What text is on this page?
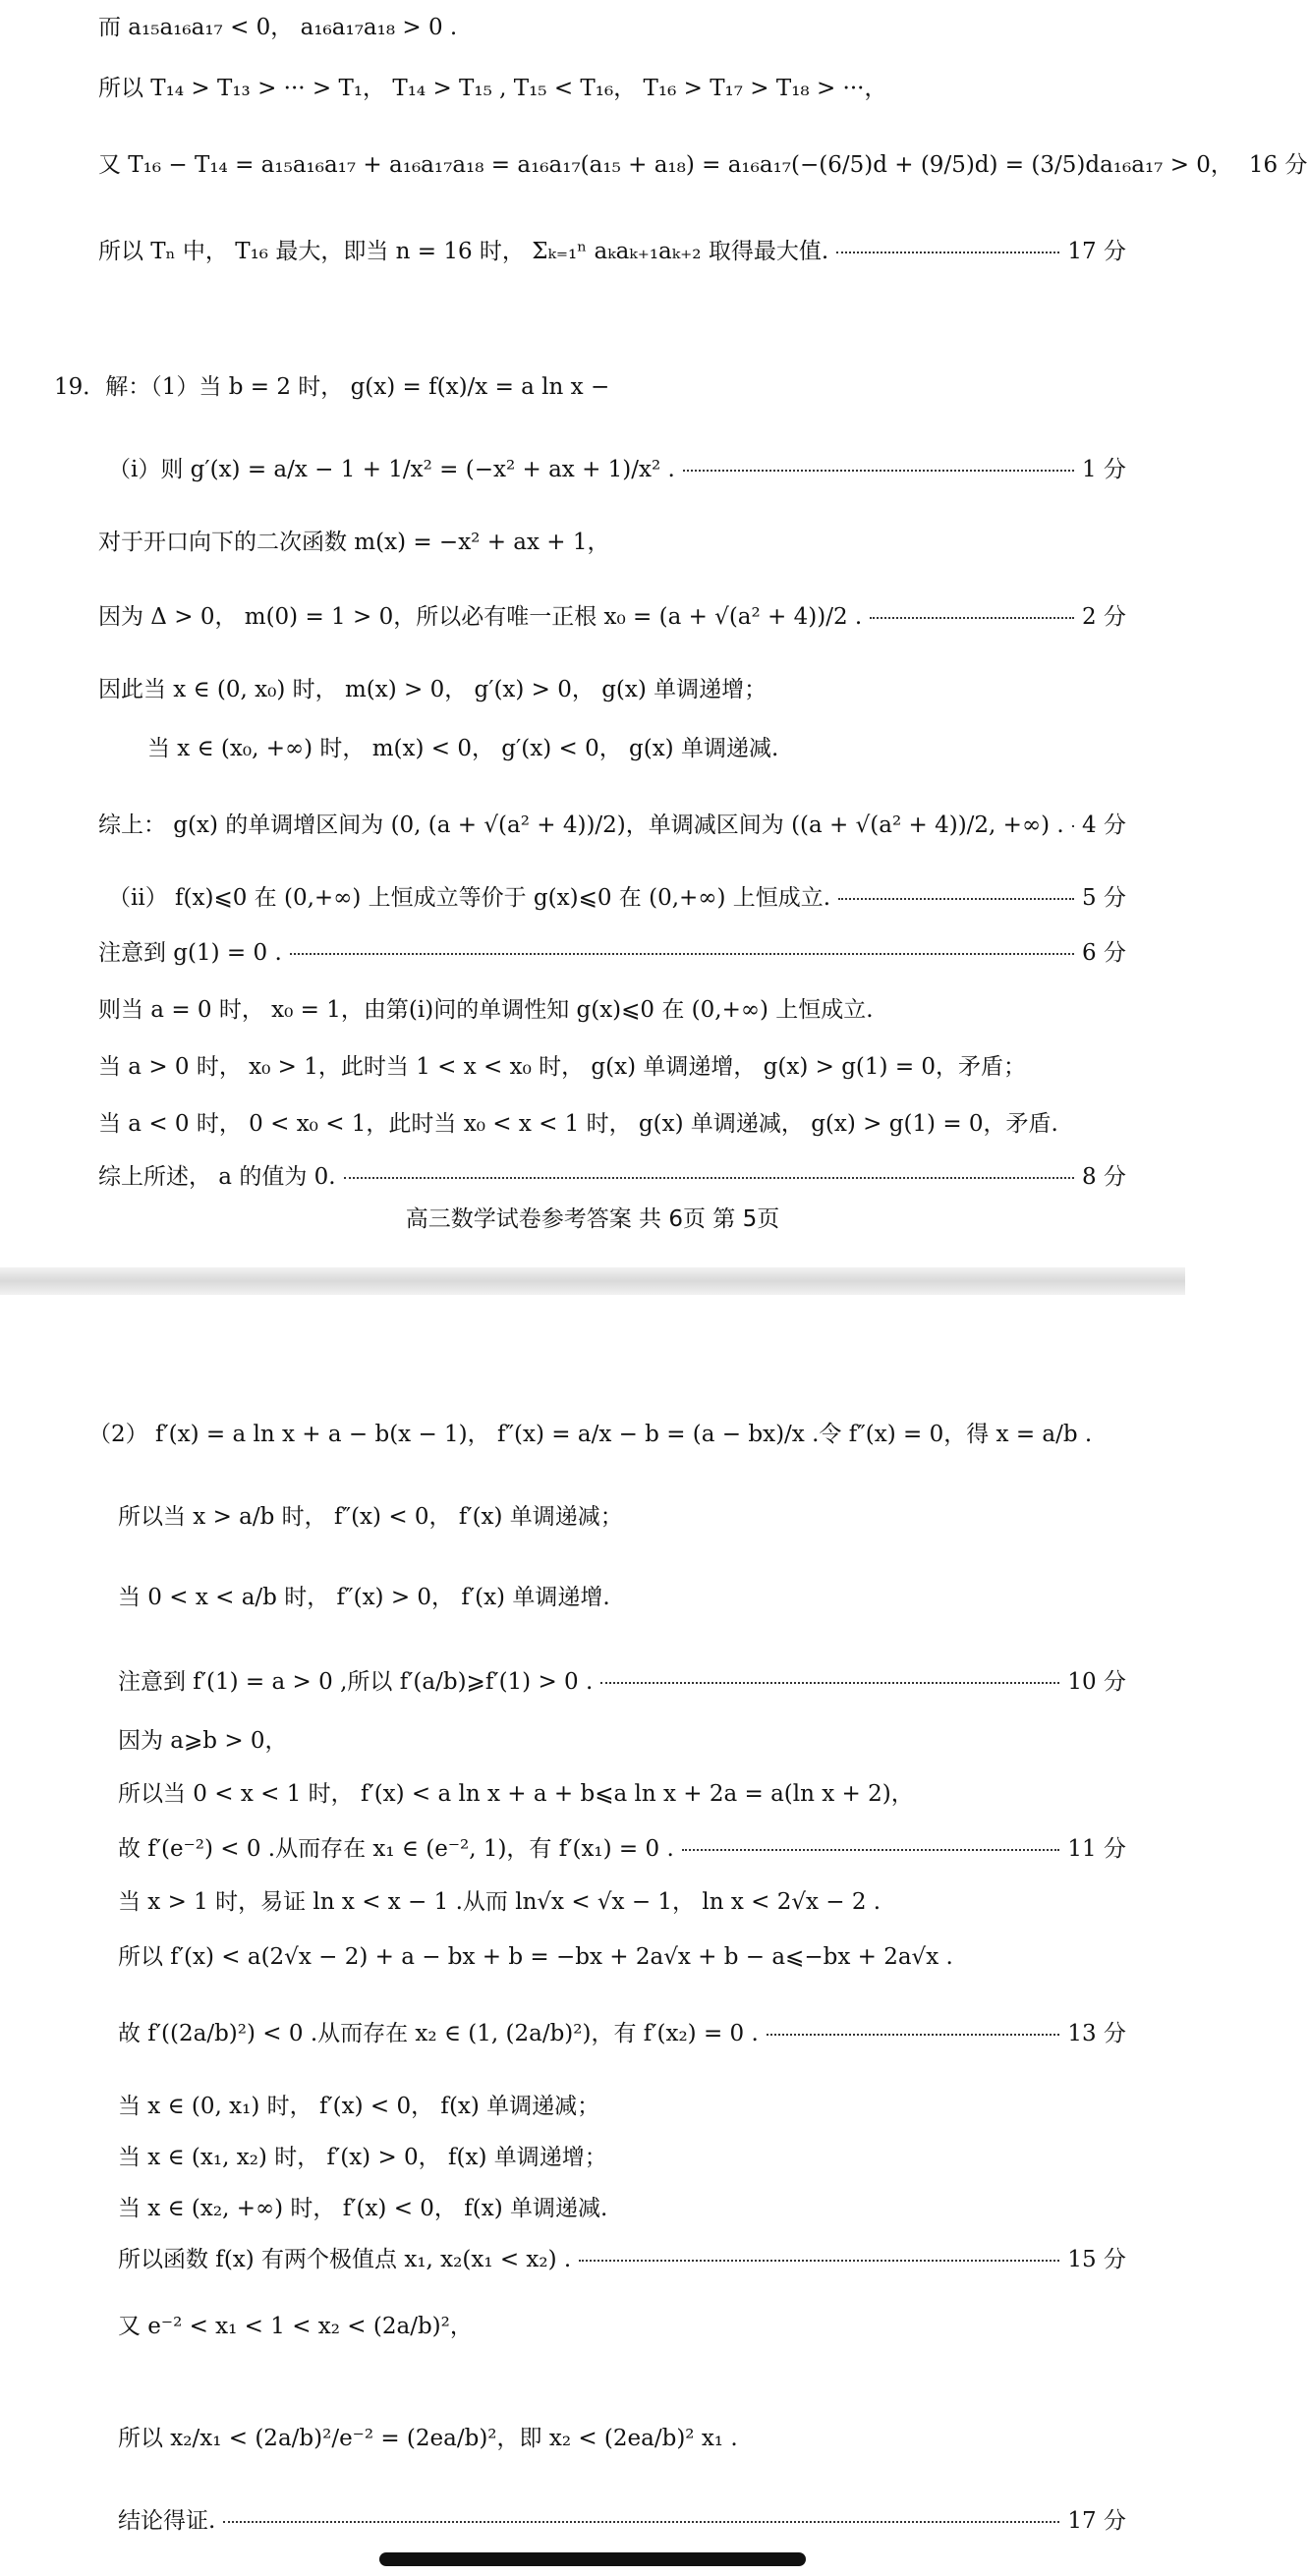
而 a₁₅a₁₆a₁₇ < 0， a₁₆a₁₇a₁₈ > 0 .
所以 T₁₄ > T₁₃ > ··· > T₁， T₁₄ > T₁₅ , T₁₅ < T₁₆， T₁₆ > T₁₇ > T₁₈ > ···，
又 T₁₆ − T₁₄ = a₁₅a₁₆a₁₇ + a₁₆a₁₇a₁₈ = a₁₆a₁₇(a₁₅ + a₁₈) = a₁₆a₁₇(−(6/5)d + (9/5)d) = (3/5)da₁₆a₁₇ > 0， 16 分
所以 Tₙ 中， T₁₆ 最大，即当 n = 16 时， Σₖ₌₁ⁿ aₖaₖ₊₁aₖ₊₂ 取得最大值.	17 分
19．解：（1）当 b = 2 时， g(x) = f(x)/x = a ln x −
（ⅰ）则 g′(x) = a/x − 1 + 1/x² = (−x² + ax + 1)/x² .	1 分
对于开口向下的二次函数 m(x) = −x² + ax + 1，
因为 Δ > 0， m(0) = 1 > 0，所以必有唯一正根 x₀ = (a + √(a² + 4))/2 .	2 分
因此当 x ∈ (0, x₀) 时， m(x) > 0， g′(x) > 0， g(x) 单调递增；
当 x ∈ (x₀, +∞) 时， m(x) < 0， g′(x) < 0， g(x) 单调递减.
综上： g(x) 的单调增区间为 (0, (a + √(a² + 4))/2)，单调减区间为 ((a + √(a² + 4))/2, +∞) . 4 分
（ⅱ） f(x)⩽0 在 (0,+∞) 上恒成立等价于 g(x)⩽0 在 (0,+∞) 上恒成立.	5 分
注意到 g(1) = 0 .	6 分
则当 a = 0 时， x₀ = 1，由第(i)问的单调性知 g(x)⩽0 在 (0,+∞) 上恒成立.
当 a > 0 时， x₀ > 1，此时当 1 < x < x₀ 时， g(x) 单调递增， g(x) > g(1) = 0，矛盾；
当 a < 0 时， 0 < x₀ < 1，此时当 x₀ < x < 1 时， g(x) 单调递减， g(x) > g(1) = 0，矛盾.
综上所述， a 的值为 0.	8 分
高三数学试卷参考答案 共 6页 第 5页
（2） f′(x) = a ln x + a − b(x − 1)， f″(x) = a/x − b = (a − bx)/x .令 f″(x) = 0，得 x = a/b .
所以当 x > a/b 时， f″(x) < 0， f′(x) 单调递减；
当 0 < x < a/b 时， f″(x) > 0， f′(x) 单调递增.
注意到 f′(1) = a > 0 ,所以 f′(a/b)⩾f′(1) > 0 .	10 分
因为 a⩾b > 0，
所以当 0 < x < 1 时， f′(x) < a ln x + a + b⩽a ln x + 2a = a(ln x + 2)，
故 f′(e⁻²) < 0 .从而存在 x₁ ∈ (e⁻², 1)，有 f′(x₁) = 0 .	11 分
当 x > 1 时，易证 ln x < x − 1 .从而 ln√x < √x − 1， ln x < 2√x − 2 .
所以 f′(x) < a(2√x − 2) + a − bx + b = −bx + 2a√x + b − a⩽−bx + 2a√x .
故 f′((2a/b)²) < 0 .从而存在 x₂ ∈ (1, (2a/b)²)，有 f′(x₂) = 0 .	13 分
当 x ∈ (0, x₁) 时， f′(x) < 0， f(x) 单调递减；
当 x ∈ (x₁, x₂) 时， f′(x) > 0， f(x) 单调递增；
当 x ∈ (x₂, +∞) 时， f′(x) < 0， f(x) 单调递减.
所以函数 f(x) 有两个极值点 x₁, x₂(x₁ < x₂) .	15 分
又 e⁻² < x₁ < 1 < x₂ < (2a/b)²，
所以 x₂/x₁ < (2a/b)²/e⁻² = (2ea/b)²，即 x₂ < (2ea/b)² x₁ .
结论得证.	17 分
